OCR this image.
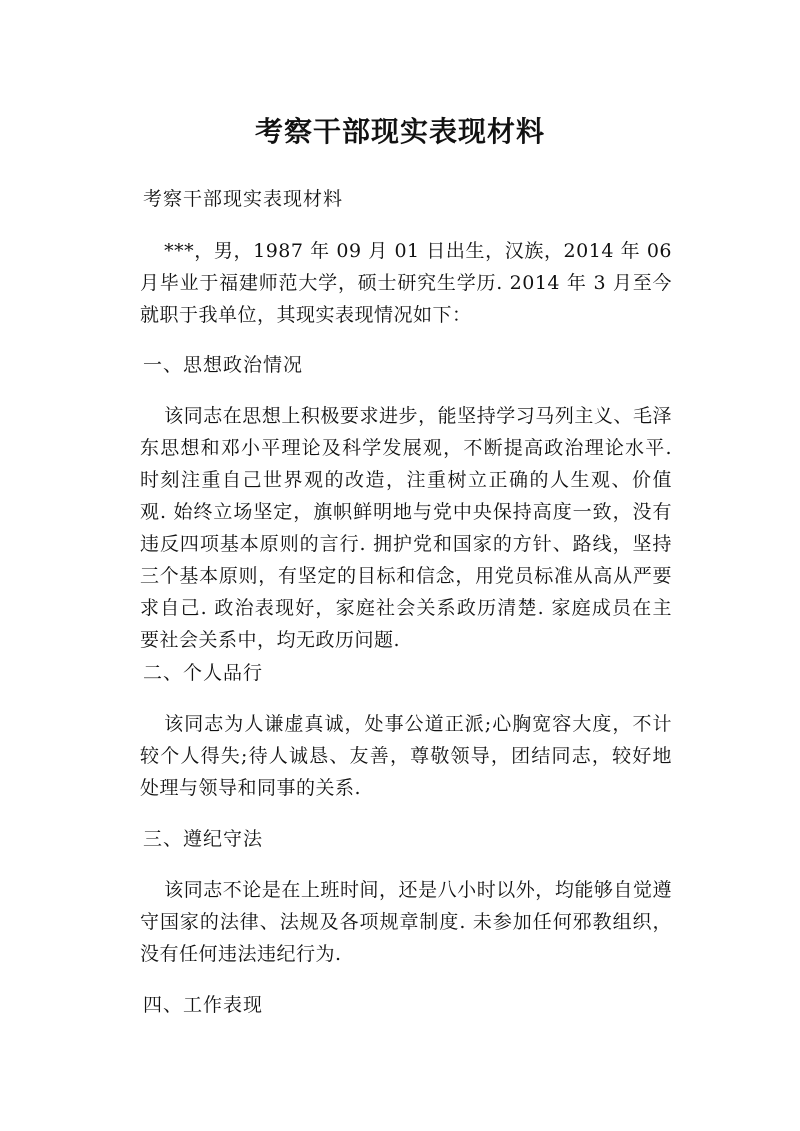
考察干部现实表现材料

考察干部现实表现材料

***，男，1987 年 09 月 01 日出生，汉族，2014 年 06 月毕业于福建师范大学，硕士研究生学历. 2014 年 3 月至今就职于我单位，其现实表现情况如下：

一、思想政治情况

该同志在思想上积极要求进步，能坚持学习马列主义、毛泽东思想和邓小平理论及科学发展观，不断提高政治理论水平. 时刻注重自己世界观的改造，注重树立正确的人生观、价值观. 始终立场坚定，旗帜鲜明地与党中央保持高度一致，没有违反四项基本原则的言行. 拥护党和国家的方针、路线，坚持三个基本原则，有坚定的目标和信念，用党员标准从高从严要求自己. 政治表现好，家庭社会关系政历清楚. 家庭成员在主要社会关系中，均无政历问题.

二、个人品行

该同志为人谦虚真诚，处事公道正派;心胸宽容大度，不计较个人得失;待人诚恳、友善，尊敬领导，团结同志，较好地处理与领导和同事的关系.

三、遵纪守法

该同志不论是在上班时间，还是八小时以外，均能够自觉遵守国家的法律、法规及各项规章制度. 未参加任何邪教组织，没有任何违法违纪行为.

四、工作表现
